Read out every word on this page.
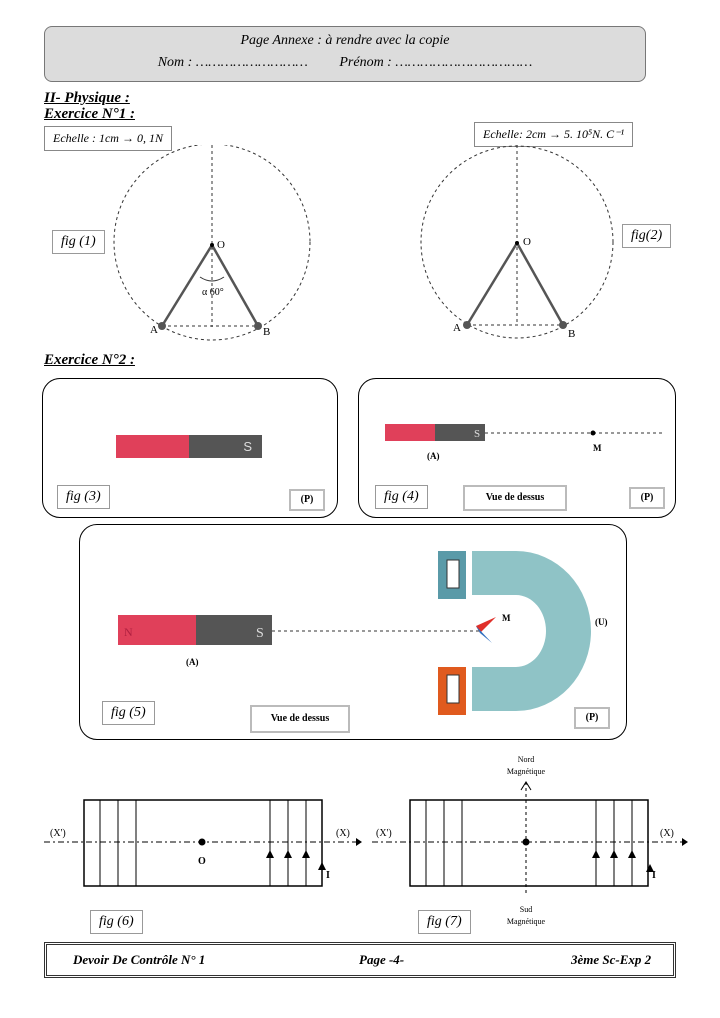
Page Annexe : à rendre avec la copie
Nom : ……………………… Prénom : ……………………………
II- Physique :
Exercice N°1 :
Echelle : 1cm → 0, 1N	Echelle: 2cm → 5. 10⁵N. C⁻¹
O
A	B
α 60°
fig (1)	O
A	B
fig(2)
Exercice N°2 :
S
fig (3)	(P)
S
(A)
M
fig (4)	Vue de dessus	(P)
N	S
(A)
M	(U)
fig (5)	Vue de dessus	(P)
(X')	(X)
O
I
fig (6)
(X')	(X)
I
Nord
Magnétique
Sud
Magnétique
fig (7)
Devoir De Contrôle N° 1	Page -4-	3ème Sc-Exp 2
